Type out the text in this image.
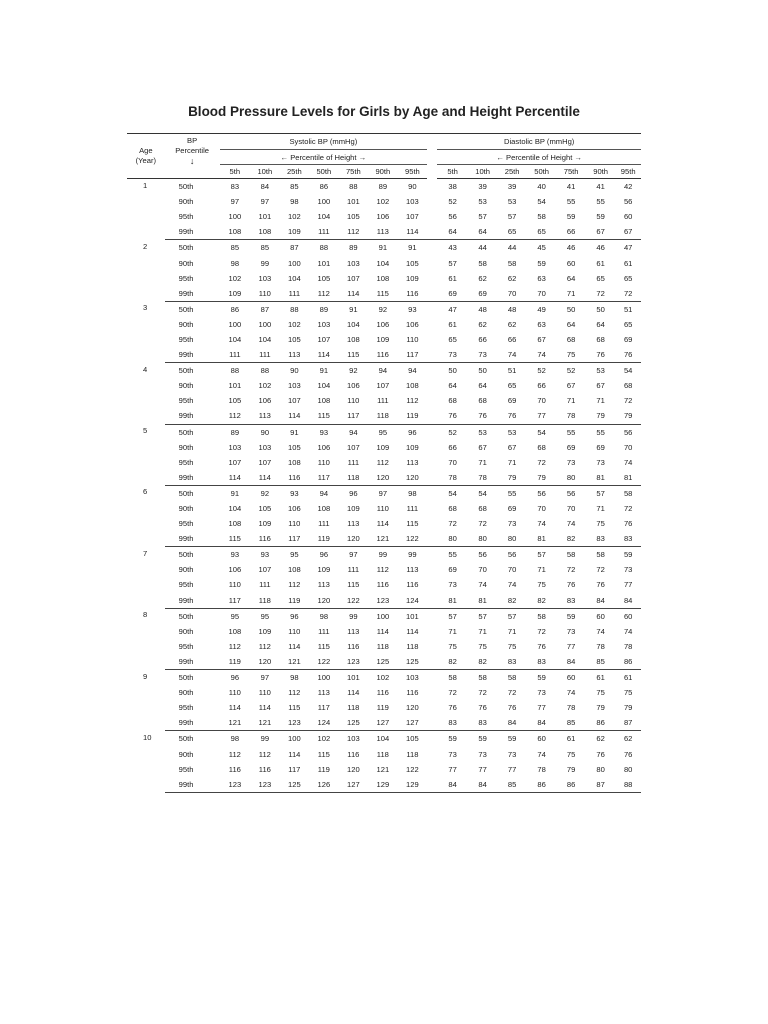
Blood Pressure Levels for Girls by Age and Height Percentile
Age
(Year)	BP
Percentile
↓	Systolic BP (mmHg)								Diastolic BP (mmHg)						
		← Percentile of Height →								← Percentile of Height →						
		5th	10th	25th	50th	75th	90th	95th		5th	10th	25th	50th	75th	90th	95th
1	50th	83	84	85	86	88	89	90		38	39	39	40	41	41	42
	90th	97	97	98	100	101	102	103		52	53	53	54	55	55	56
	95th	100	101	102	104	105	106	107		56	57	57	58	59	59	60
	99th	108	108	109	111	112	113	114		64	64	65	65	66	67	67
2	50th	85	85	87	88	89	91	91		43	44	44	45	46	46	47
	90th	98	99	100	101	103	104	105		57	58	58	59	60	61	61
	95th	102	103	104	105	107	108	109		61	62	62	63	64	65	65
	99th	109	110	111	112	114	115	116		69	69	70	70	71	72	72
3	50th	86	87	88	89	91	92	93		47	48	48	49	50	50	51
	90th	100	100	102	103	104	106	106		61	62	62	63	64	64	65
	95th	104	104	105	107	108	109	110		65	66	66	67	68	68	69
	99th	111	111	113	114	115	116	117		73	73	74	74	75	76	76
4	50th	88	88	90	91	92	94	94		50	50	51	52	52	53	54
	90th	101	102	103	104	106	107	108		64	64	65	66	67	67	68
	95th	105	106	107	108	110	111	112		68	68	69	70	71	71	72
	99th	112	113	114	115	117	118	119		76	76	76	77	78	79	79
5	50th	89	90	91	93	94	95	96		52	53	53	54	55	55	56
	90th	103	103	105	106	107	109	109		66	67	67	68	69	69	70
	95th	107	107	108	110	111	112	113		70	71	71	72	73	73	74
	99th	114	114	116	117	118	120	120		78	78	79	79	80	81	81
6	50th	91	92	93	94	96	97	98		54	54	55	56	56	57	58
	90th	104	105	106	108	109	110	111		68	68	69	70	70	71	72
	95th	108	109	110	111	113	114	115		72	72	73	74	74	75	76
	99th	115	116	117	119	120	121	122		80	80	80	81	82	83	83
7	50th	93	93	95	96	97	99	99		55	56	56	57	58	58	59
	90th	106	107	108	109	111	112	113		69	70	70	71	72	72	73
	95th	110	111	112	113	115	116	116		73	74	74	75	76	76	77
	99th	117	118	119	120	122	123	124		81	81	82	82	83	84	84
8	50th	95	95	96	98	99	100	101		57	57	57	58	59	60	60
	90th	108	109	110	111	113	114	114		71	71	71	72	73	74	74
	95th	112	112	114	115	116	118	118		75	75	75	76	77	78	78
	99th	119	120	121	122	123	125	125		82	82	83	83	84	85	86
9	50th	96	97	98	100	101	102	103		58	58	58	59	60	61	61
	90th	110	110	112	113	114	116	116		72	72	72	73	74	75	75
	95th	114	114	115	117	118	119	120		76	76	76	77	78	79	79
	99th	121	121	123	124	125	127	127		83	83	84	84	85	86	87
10	50th	98	99	100	102	103	104	105		59	59	59	60	61	62	62
	90th	112	112	114	115	116	118	118		73	73	73	74	75	76	76
	95th	116	116	117	119	120	121	122		77	77	77	78	79	80	80
	99th	123	123	125	126	127	129	129		84	84	85	86	86	87	88
